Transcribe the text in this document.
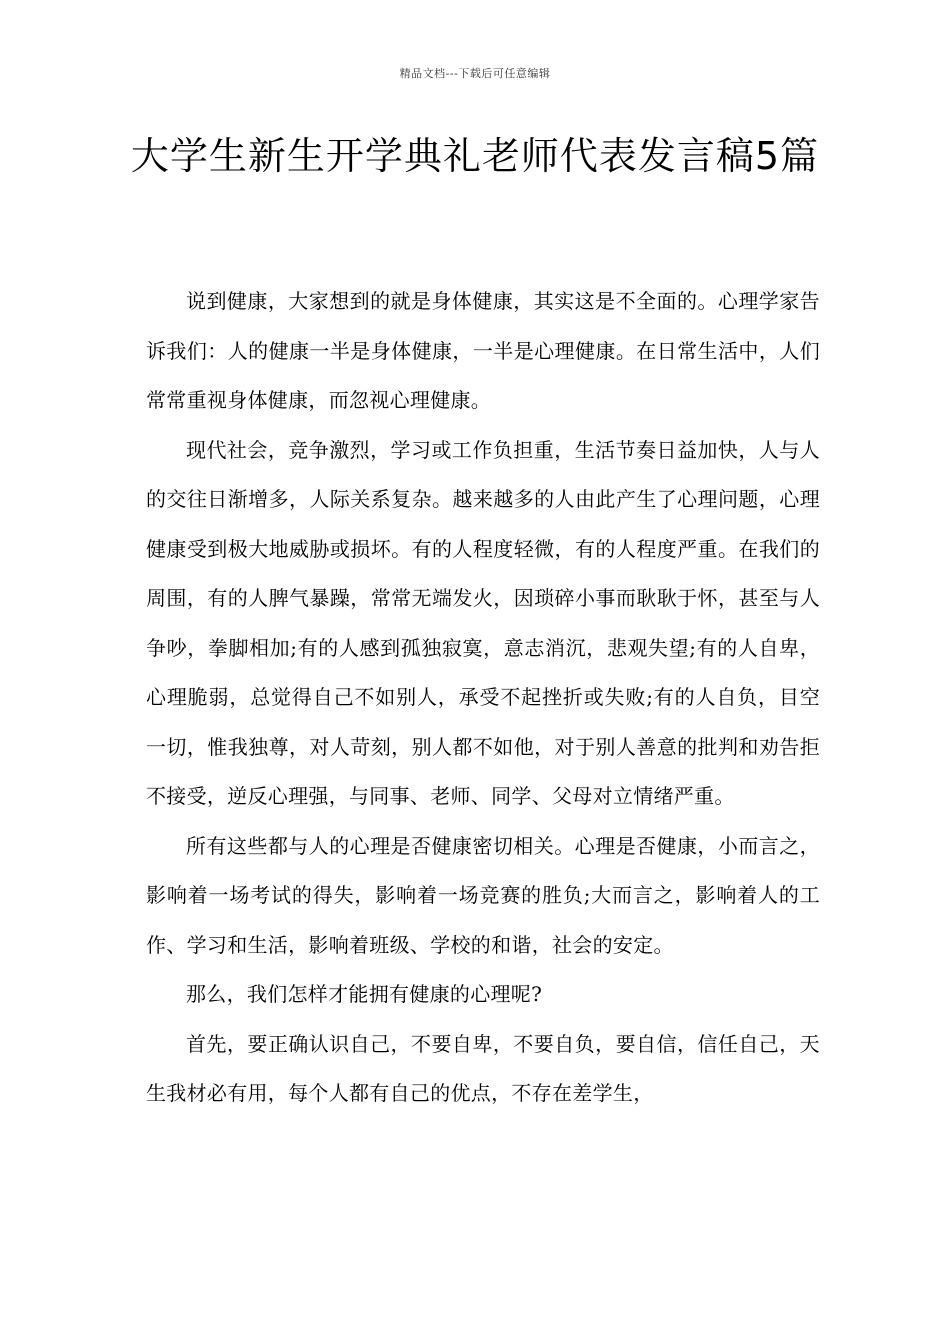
精品文档---下载后可任意编辑
大学生新生开学典礼老师代表发言稿5篇

说到健康，大家想到的就是身体健康，其实这是不全面的。心理学家告诉我们：人的健康一半是身体健康，一半是心理健康。在日常生活中，人们常常重视身体健康，而忽视心理健康。

现代社会，竞争激烈，学习或工作负担重，生活节奏日益加快，人与人的交往日渐增多，人际关系复杂。越来越多的人由此产生了心理问题，心理健康受到极大地威胁或损坏。有的人程度轻微，有的人程度严重。在我们的周围，有的人脾气暴躁，常常无端发火，因琐碎小事而耿耿于怀，甚至与人争吵，拳脚相加;有的人感到孤独寂寞，意志消沉，悲观失望;有的人自卑，心理脆弱，总觉得自己不如别人，承受不起挫折或失败;有的人自负，目空一切，惟我独尊，对人苛刻，别人都不如他，对于别人善意的批判和劝告拒不接受，逆反心理强，与同事、老师、同学、父母对立情绪严重。

所有这些都与人的心理是否健康密切相关。心理是否健康，小而言之，影响着一场考试的得失，影响着一场竞赛的胜负;大而言之，影响着人的工作、学习和生活，影响着班级、学校的和谐，社会的安定。

那么，我们怎样才能拥有健康的心理呢?

首先，要正确认识自己，不要自卑，不要自负，要自信，信任自己，天生我材必有用，每个人都有自己的优点，不存在差学生，
